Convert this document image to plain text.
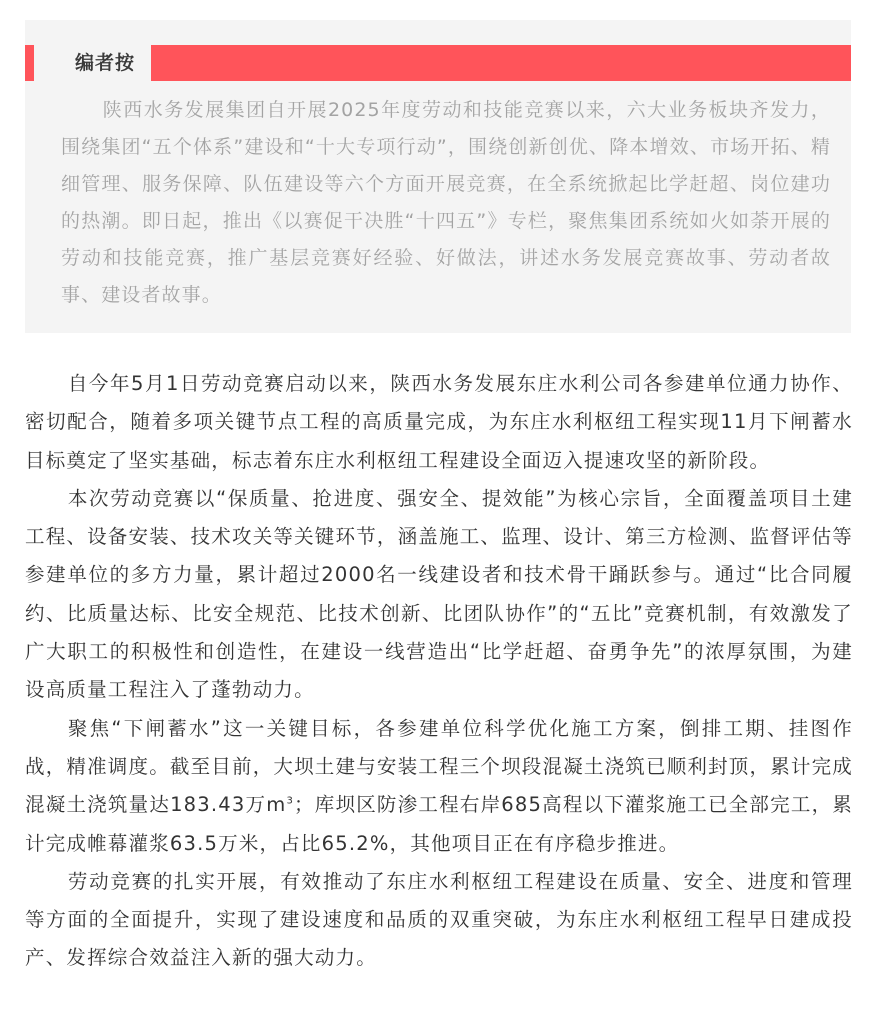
编者按

陕西水务发展集团自开展2025年度劳动和技能竞赛以来，六大业务板块齐发力，围绕集团“五个体系”建设和“十大专项行动”，围绕创新创优、降本增效、市场开拓、精细管理、服务保障、队伍建设等六个方面开展竞赛，在全系统掀起比学赶超、岗位建功的热潮。即日起，推出《以赛促干决胜“十四五”》专栏，聚焦集团系统如火如荼开展的劳动和技能竞赛，推广基层竞赛好经验、好做法，讲述水务发展竞赛故事、劳动者故事、建设者故事。

自今年5月1日劳动竞赛启动以来，陕西水务发展东庄水利公司各参建单位通力协作、密切配合，随着多项关键节点工程的高质量完成，为东庄水利枢纽工程实现11月下闸蓄水目标奠定了坚实基础，标志着东庄水利枢纽工程建设全面迈入提速攻坚的新阶段。

本次劳动竞赛以“保质量、抢进度、强安全、提效能”为核心宗旨，全面覆盖项目土建工程、设备安装、技术攻关等关键环节，涵盖施工、监理、设计、第三方检测、监督评估等参建单位的多方力量，累计超过2000名一线建设者和技术骨干踊跃参与。通过“比合同履约、比质量达标、比安全规范、比技术创新、比团队协作”的“五比”竞赛机制，有效激发了广大职工的积极性和创造性，在建设一线营造出“比学赶超、奋勇争先”的浓厚氛围，为建设高质量工程注入了蓬勃动力。

聚焦“下闸蓄水”这一关键目标，各参建单位科学优化施工方案，倒排工期、挂图作战，精准调度。截至目前，大坝土建与安装工程三个坝段混凝土浇筑已顺利封顶，累计完成混凝土浇筑量达183.43万$m^3$；库坝区防渗工程右岸685高程以下灌浆施工已全部完工，累计完成帷幕灌浆63.5万米，占比65.2%，其他项目正在有序稳步推进。

劳动竞赛的扎实开展，有效推动了东庄水利枢纽工程建设在质量、安全、进度和管理等方面的全面提升，实现了建设速度和品质的双重突破，为东庄水利枢纽工程早日建成投产、发挥综合效益注入新的强大动力。
